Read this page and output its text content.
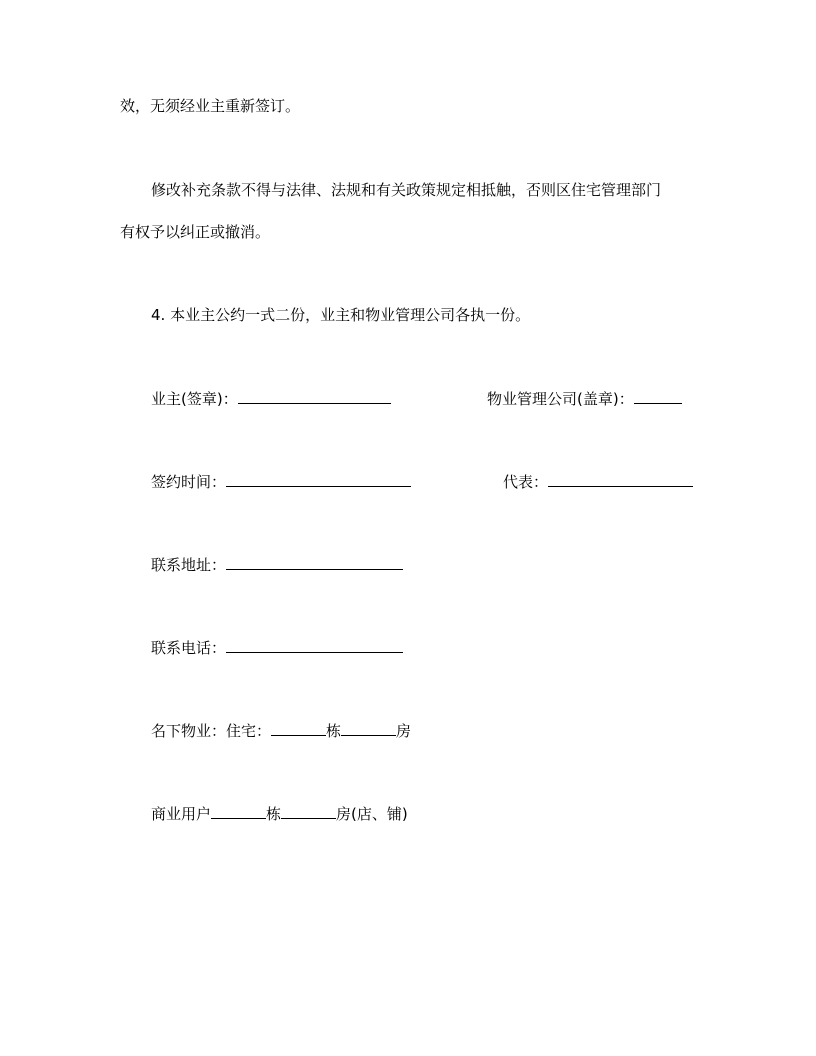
效，无须经业主重新签订。
修改补充条款不得与法律、法规和有关政策规定相抵触，否则区住宅管理部门
有权予以纠正或撤消。
4. 本业主公约一式二份，业主和物业管理公司各执一份。
业主(签章)：	物业管理公司(盖章)：
签约时间：	代表：
联系地址：
联系电话：
名下物业：住宅：	栋	房
商业用户	栋	房(店、铺)
